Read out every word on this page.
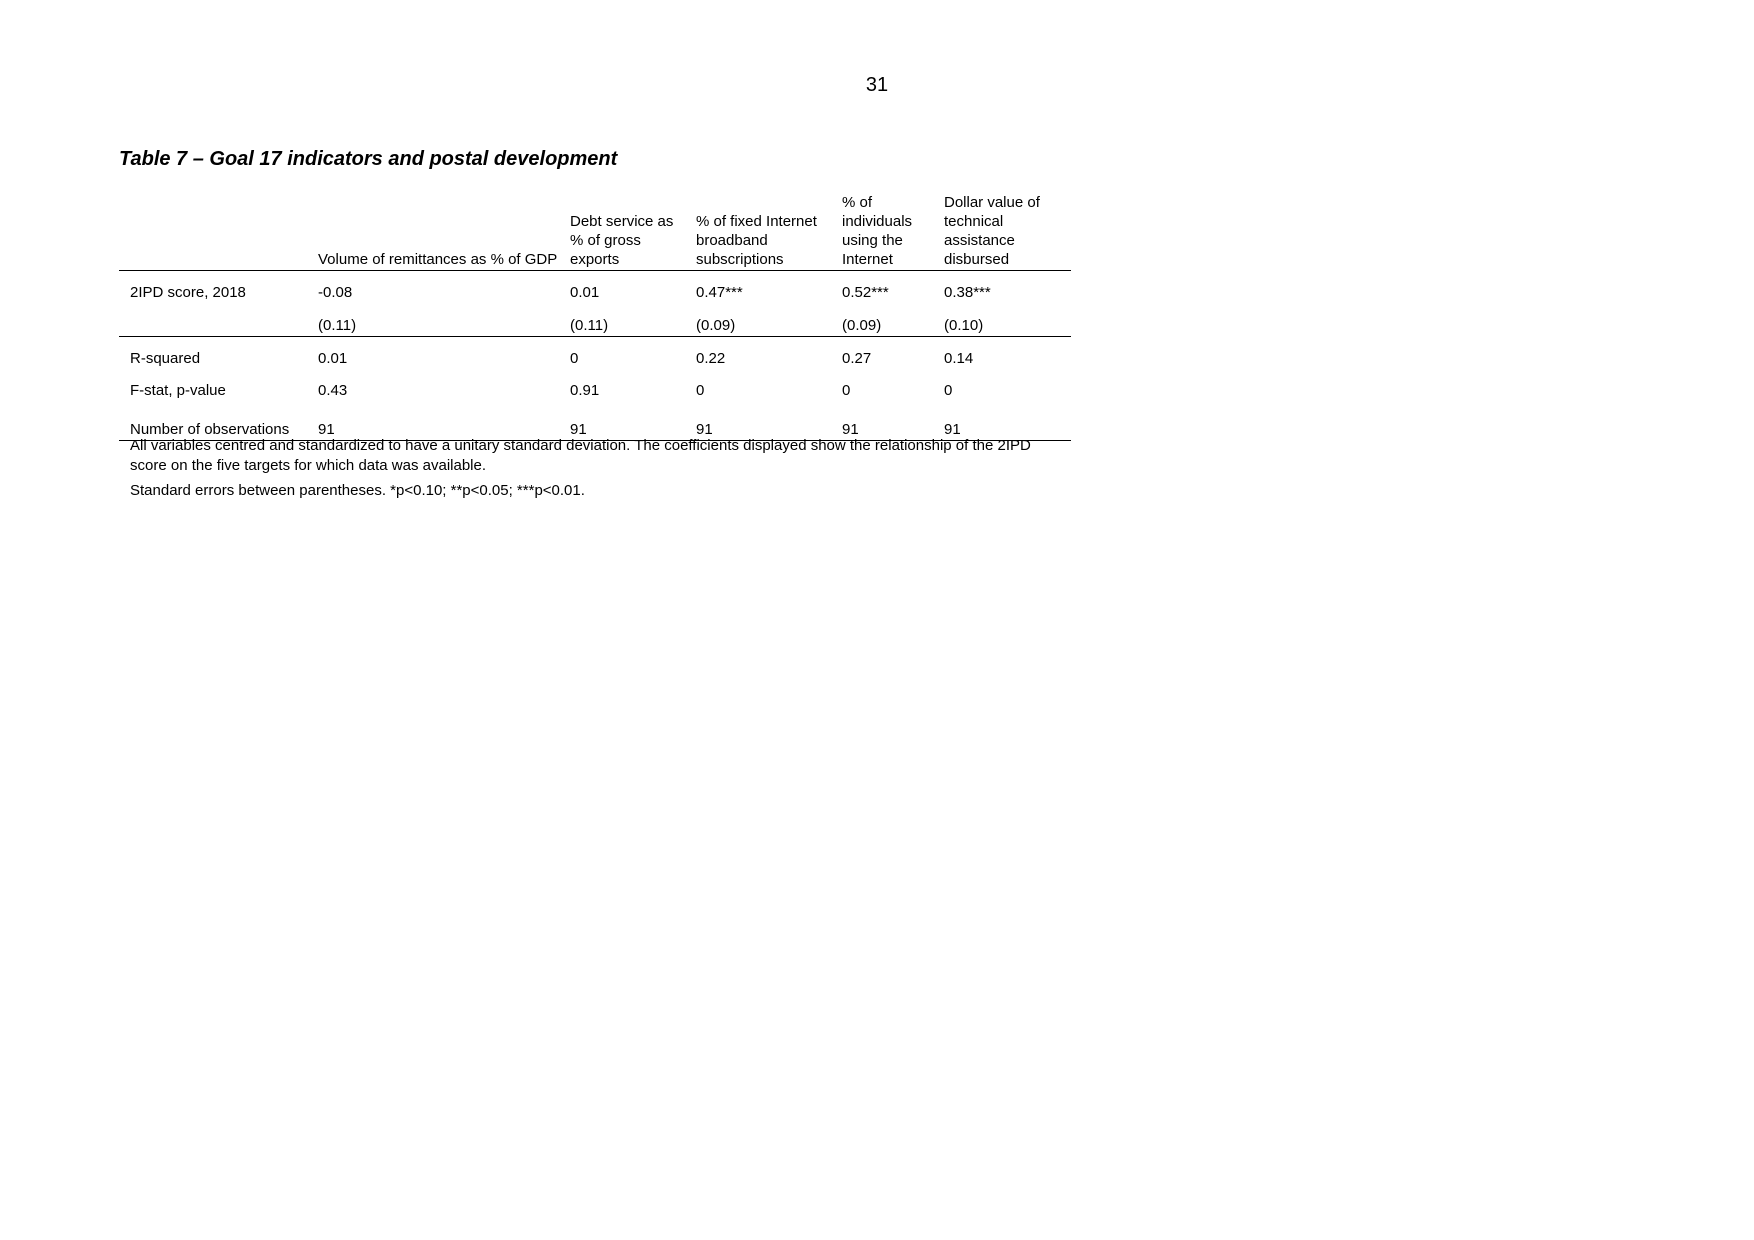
31
Table 7 – Goal 17 indicators and postal development
	Volume of remittances as % of GDP	Debt service as % of gross exports	% of fixed Internet broadband subscriptions	% of individuals using the Internet	Dollar value of technical assistance disbursed
2IPD score, 2018	-0.08	0.01	0.47***	0.52***	0.38***
	(0.11)	(0.11)	(0.09)	(0.09)	(0.10)
R-squared	0.01	0	0.22	0.27	0.14
F-stat, p-value	0.43	0.91	0	0	0
Number of observations	91	91	91	91	91
All variables centred and standardized to have a unitary standard deviation. The coefficients displayed show the relationship of the 2IPD score on the five targets for which data was available.
Standard errors between parentheses. *p<0.10; **p<0.05; ***p<0.01.
